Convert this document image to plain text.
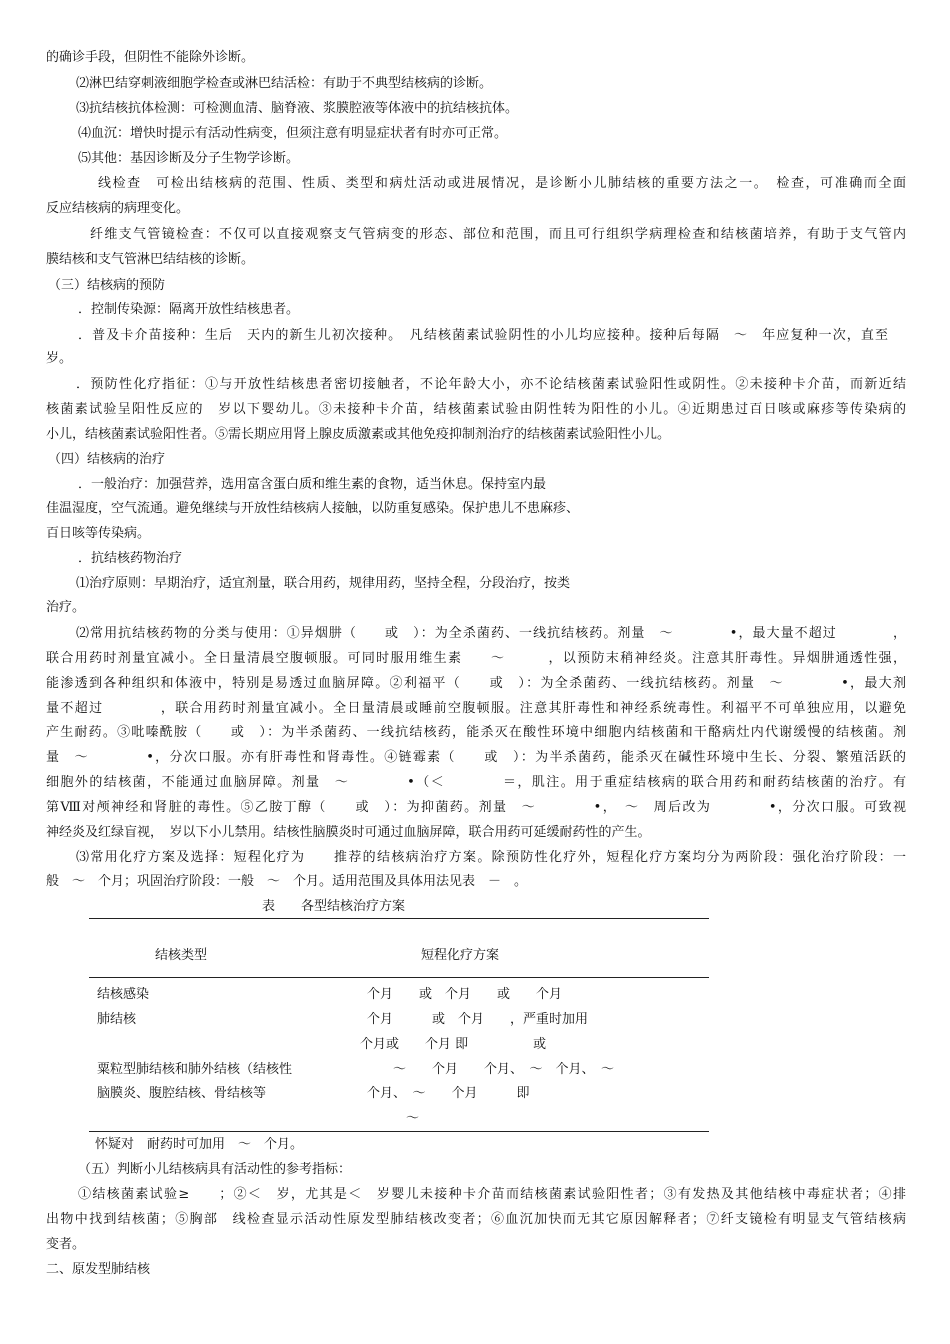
的确诊手段，但阴性不能除外诊断。
⑵淋巴结穿刺液细胞学检查或淋巴结活检：有助于不典型结核病的诊断。
⑶抗结核抗体检测：可检测血清、脑脊液、浆膜腔液等体液中的抗结核抗体。
⑷血沉：增快时提示有活动性病变，但须注意有明显症状者有时亦可正常。
⑸其他：基因诊断及分子生物学诊断。
线检查　可检出结核病的范围、性质、类型和病灶活动或进展情况，是诊断小儿肺结核的重要方法之一。　检查，可准确而全面
反应结核病的病理变化。
纤维支气管镜检查：不仅可以直接观察支气管病变的形态、部位和范围，而且可行组织学病理检查和结核菌培养，有助于支气管内
膜结核和支气管淋巴结结核的诊断。
（三）结核病的预防
．控制传染源：隔离开放性结核患者。
．普及卡介苗接种：生后　天内的新生儿初次接种。　凡结核菌素试验阴性的小儿均应接种。接种后每隔　～　年应复种一次，直至
岁。
．预防性化疗指征：①与开放性结核患者密切接触者，不论年龄大小，亦不论结核菌素试验阳性或阴性。②未接种卡介苗，而新近结
核菌素试验呈阳性反应的　岁以下婴幼儿。③未接种卡介苗，结核菌素试验由阴性转为阳性的小儿。④近期患过百日咳或麻疹等传染病的
小儿，结核菌素试验阳性者。⑤需长期应用肾上腺皮质激素或其他免疫抑制剂治疗的结核菌素试验阳性小儿。
（四）结核病的治疗
．一般治疗：加强营养，选用富含蛋白质和维生素的食物，适当休息。保持室内最
佳温湿度，空气流通。避免继续与开放性结核病人接触，以防重复感染。保护患儿不患麻疹、
百日咳等传染病。
．抗结核药物治疗
⑴治疗原则：早期治疗，适宜剂量，联合用药，规律用药，坚持全程，分段治疗，按类
治疗。
⑵常用抗结核药物的分类与使用：①异烟肼（　　或　）：为全杀菌药、一线抗结核药。剂量　～　　　　•，最大量不超过　　　　，
联合用药时剂量宜减小。全日量清晨空腹顿服。可同时服用维生素　　～　　　，以预防末稍神经炎。注意其肝毒性。异烟肼通透性强，
能渗透到各种组织和体液中，特别是易透过血脑屏障。②利福平（　　或　）：为全杀菌药、一线抗结核药。剂量　～　　　　•，最大剂
量不超过　　　　，联合用药时剂量宜减小。全日量清晨或睡前空腹顿服。注意其肝毒性和神经系统毒性。利福平不可单独应用，以避免
产生耐药。③吡嗪酰胺（　　或　）：为半杀菌药、一线抗结核药，能杀灭在酸性环境中细胞内结核菌和干酪病灶内代谢缓慢的结核菌。剂
量　～　　　　•，分次口服。亦有肝毒性和肾毒性。④链霉素（　　或　）：为半杀菌药，能杀灭在碱性环境中生长、分裂、繁殖活跃的
细胞外的结核菌，不能通过血脑屏障。剂量　～　　　　•（＜　　　　＝，肌注。用于重症结核病的联合用药和耐药结核菌的治疗。有
第Ⅷ对颅神经和肾脏的毒性。⑤乙胺丁醇（　　或　）：为抑菌药。剂量　～　　　　•，　～　周后改为　　　　•，分次口服。可致视
神经炎及红绿盲视，　岁以下小儿禁用。结核性脑膜炎时可通过血脑屏障，联合用药可延缓耐药性的产生。
⑶常用化疗方案及选择：短程化疗为　　推荐的结核病治疗方案。除预防性化疗外，短程化疗方案均分为两阶段：强化治疗阶段：一
般　～　个月；巩固治疗阶段：一般　～　个月。适用范围及具体用法见表　－　。
表　　各型结核治疗方案
结核类型	短程化疗方案
结核感染	个月　　或　个月　　或　　个月
肺结核	个月　　　或　个月　　，严重时加用
个月或　　个月 即　　　　　或
粟粒型肺结核和肺外结核（结核性	～　　个月　　个月、　～　个月、　～
脑膜炎、腹腔结核、骨结核等	个月、　～　　个月　　　即
～
怀疑对　耐药时可加用　～　个月。
（五）判断小儿结核病具有活动性的参考指标：
①结核菌素试验≥　　；②＜　岁，尤其是＜　岁婴儿未接种卡介苗而结核菌素试验阳性者；③有发热及其他结核中毒症状者；④排
出物中找到结核菌；⑤胸部　线检查显示活动性原发型肺结核改变者；⑥血沉加快而无其它原因解释者；⑦纤支镜检有明显支气管结核病
变者。
二、原发型肺结核
